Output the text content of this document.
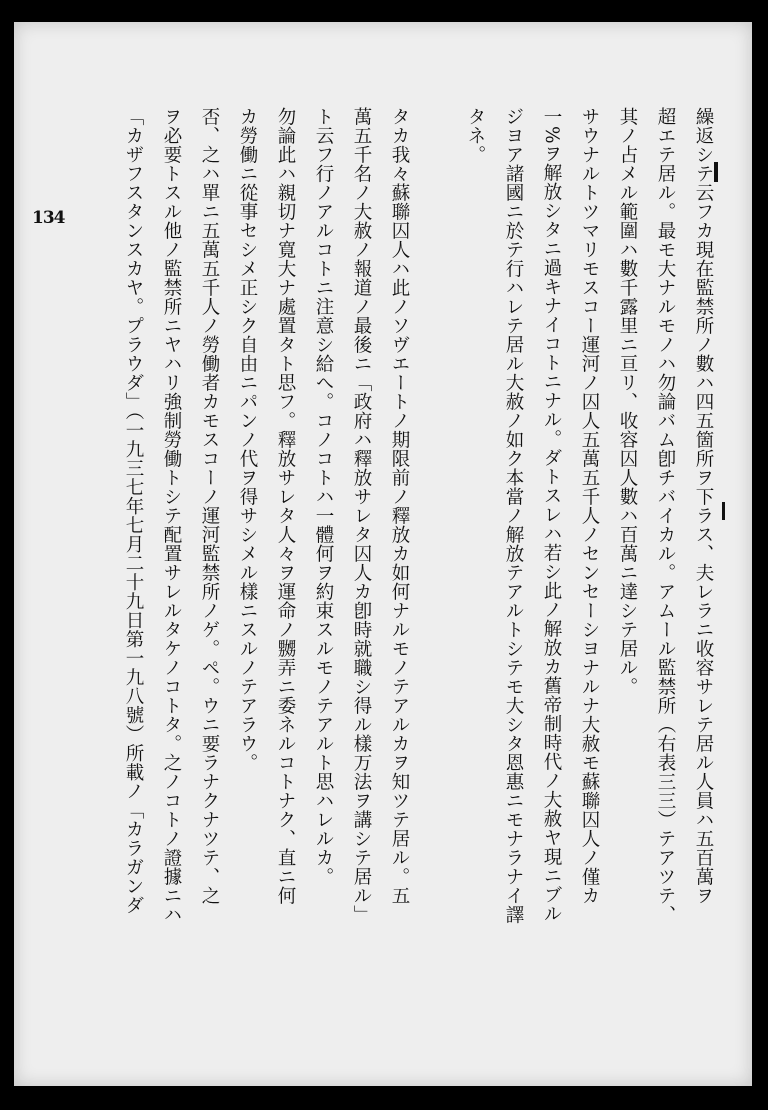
134	繰返シテ云フカ現在監禁所ノ數ハ四五箇所ヲ下ラス、夫レラニ收容サレテ居ル人員ハ五百萬ヲ
超エテ居ル。最モ大ナルモノハ勿論バム卽チバイカル。アムール監禁所（右表三三）テアツテ、
其ノ占メル範圍ハ數千露里ニ亘リ、收容囚人數ハ百萬ニ達シテ居ル。
サウナルトツマリモスコー運河ノ囚人五萬五千人ノセンセーシヨナルナ大赦モ蘇聯囚人ノ僅カ
一%ヲ解放シタニ過キナイコトニナル。ダトスレハ若シ此ノ解放カ舊帝制時代ノ大赦ヤ現ニブル
ジヨア諸國ニ於テ行ハレテ居ル大赦ノ如ク本當ノ解放テアルトシテモ大シタ恩惠ニモナラナイ譯
タネ。
タカ我々蘇聯囚人ハ此ノソヴエートノ期限前ノ釋放カ如何ナルモノテアルカヲ知ツテ居ル。五
萬五千名ノ大赦ノ報道ノ最後ニ「政府ハ釋放サレタ囚人カ卽時就職シ得ル樣万法ヲ講シテ居ル」
ト云フ行ノアルコトニ注意シ給へ。コノコトハ一體何ヲ約束スルモノテアルト思ハレルカ。
勿論此ハ親切ナ寛大ナ處置タト思フ。釋放サレタ人々ヲ運命ノ嬲弄ニ委ネルコトナク、直ニ何
カ勞働ニ從事セシメ正シク自由ニパンノ代ヲ得サシメル樣ニスルノテアラウ。
否、之ハ單ニ五萬五千人ノ勞働者カモスコーノ運河監禁所ノゲ。ペ。ウニ要ラナクナツテ、之
ヲ必要トスル他ノ監禁所ニヤハリ強制勞働トシテ配置サレルタケノコトタ。之ノコトノ證據ニハ
「カザフスタンスカヤ。プラウダ」（一九三七年七月二十九日第一九八號）所載ノ「カラガンダ
